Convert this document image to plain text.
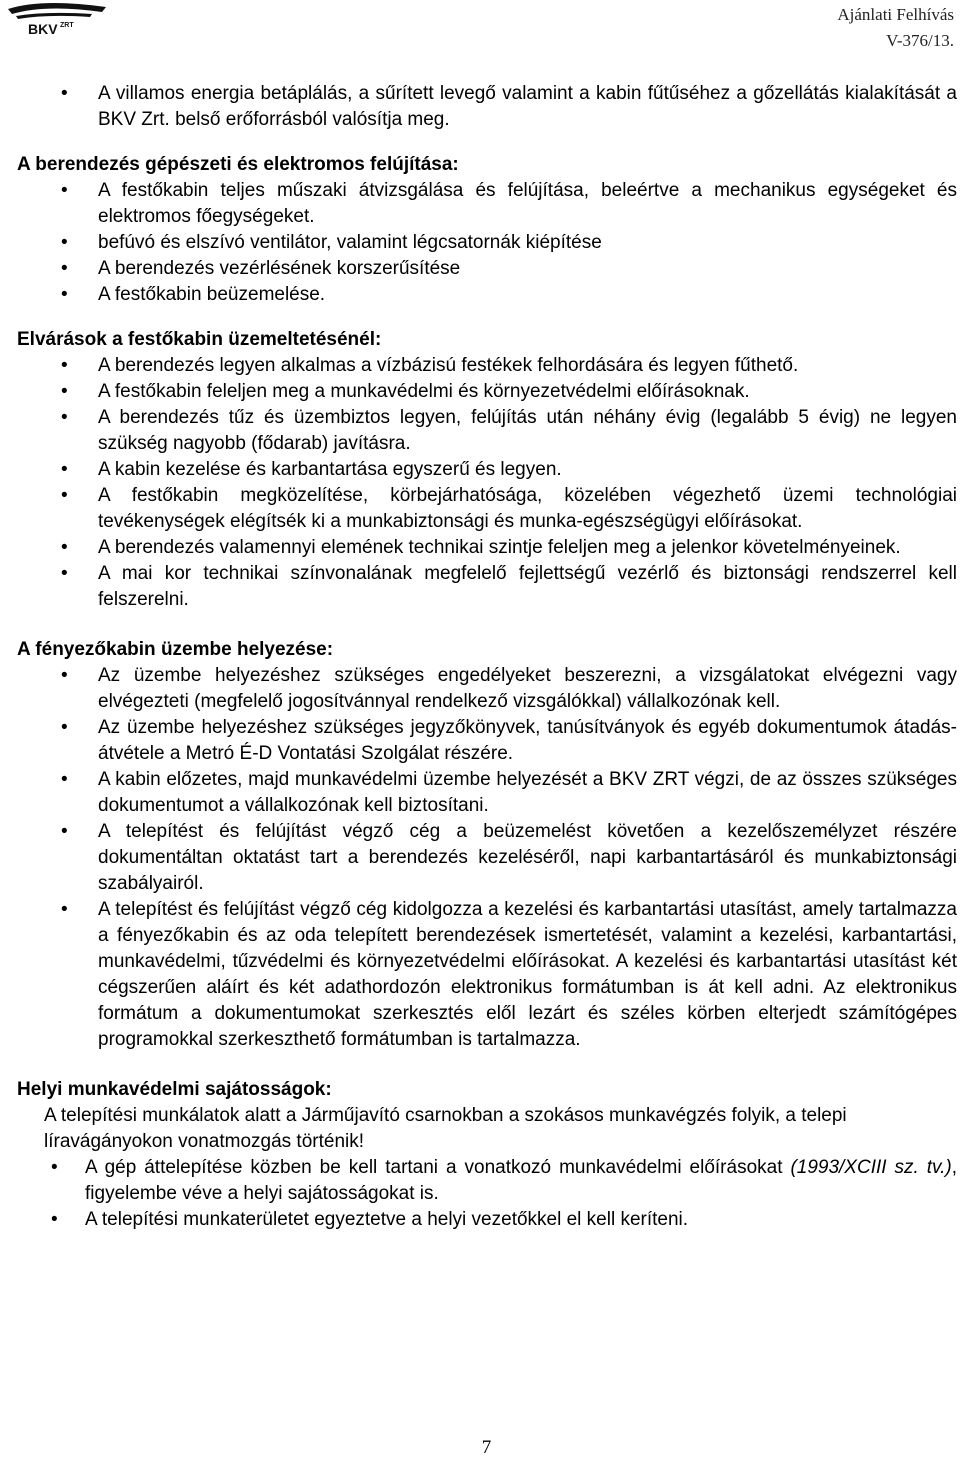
BKV ZRT
Ajánlati Felhívás
V-376/13.
• A villamos energia betáplálás, a sűrített levegő valamint a kabin fűtűséhez a gőzellátás kialakítását a BKV Zrt. belső erőforrásból valósítja meg.
A berendezés gépészeti és elektromos felújítása:
• A festőkabin teljes műszaki átvizsgálása és felújítása, beleértve a mechanikus egységeket és elektromos főegységeket.
• befúvó és elszívó ventilátor, valamint légcsatornák kiépítése
• A berendezés vezérlésének korszerűsítése
• A festőkabin beüzemelése.
Elvárások a festőkabin üzemeltetésénél:
• A berendezés legyen alkalmas a vízbázisú festékek felhordására és legyen fűthető.
• A festőkabin feleljen meg a munkavédelmi és környezetvédelmi előírásoknak.
• A berendezés tűz és üzembiztos legyen, felújítás után néhány évig (legalább 5 évig) ne legyen szükség nagyobb (fődarab) javításra.
• A kabin kezelése és karbantartása egyszerű és legyen.
• A festőkabin megközelítése, körbejárhatósága, közelében végezhető üzemi technológiai tevékenységek elégítsék ki a munkabiztonsági és munka-egészségügyi előírásokat.
• A berendezés valamennyi elemének technikai szintje feleljen meg a jelenkor követelményeinek.
• A mai kor technikai színvonalának megfelelő fejlettségű vezérlő és biztonsági rendszerrel kell felszerelni.
A fényezőkabin üzembe helyezése:
• Az üzembe helyezéshez szükséges engedélyeket beszerezni, a vizsgálatokat elvégezni vagy elvégezteti (megfelelő jogosítvánnyal rendelkező vizsgálókkal) vállalkozónak kell.
• Az üzembe helyezéshez szükséges jegyzőkönyvek, tanúsítványok és egyéb dokumentumok átadás-átvétele a Metró É-D Vontatási Szolgálat részére.
• A kabin előzetes, majd munkavédelmi üzembe helyezését a BKV ZRT végzi, de az összes szükséges dokumentumot a vállalkozónak kell biztosítani.
• A telepítést és felújítást végző cég a beüzemelést követően a kezelőszemélyzet részére dokumentáltan oktatást tart a berendezés kezeléséről, napi karbantartásáról és munkabiztonsági szabályairól.
• A telepítést és felújítást végző cég kidolgozza a kezelési és karbantartási utasítást, amely tartalmazza a fényezőkabin és az oda telepített berendezések ismertetését, valamint a kezelési, karbantartási, munkavédelmi, tűzvédelmi és környezetvédelmi előírásokat. A kezelési és karbantartási utasítást két cégszerűen aláírt és két adathordozón elektronikus formátumban is át kell adni. Az elektronikus formátum a dokumentumokat szerkesztés elől lezárt és széles körben elterjedt számítógépes programokkal szerkeszthető formátumban is tartalmazza.
Helyi munkavédelmi sajátosságok:
A telepítési munkálatok alatt a Járműjavító csarnokban a szokásos munkavégzés folyik, a telepi líravágányokon vonatmozgás történik!
• A gép áttelepítése közben be kell tartani a vonatkozó munkavédelmi előírásokat (1993/XCIII sz. tv.), figyelembe véve a helyi sajátosságokat is.
• A telepítési munkaterületet egyeztetve a helyi vezetőkkel el kell keríteni.
7
